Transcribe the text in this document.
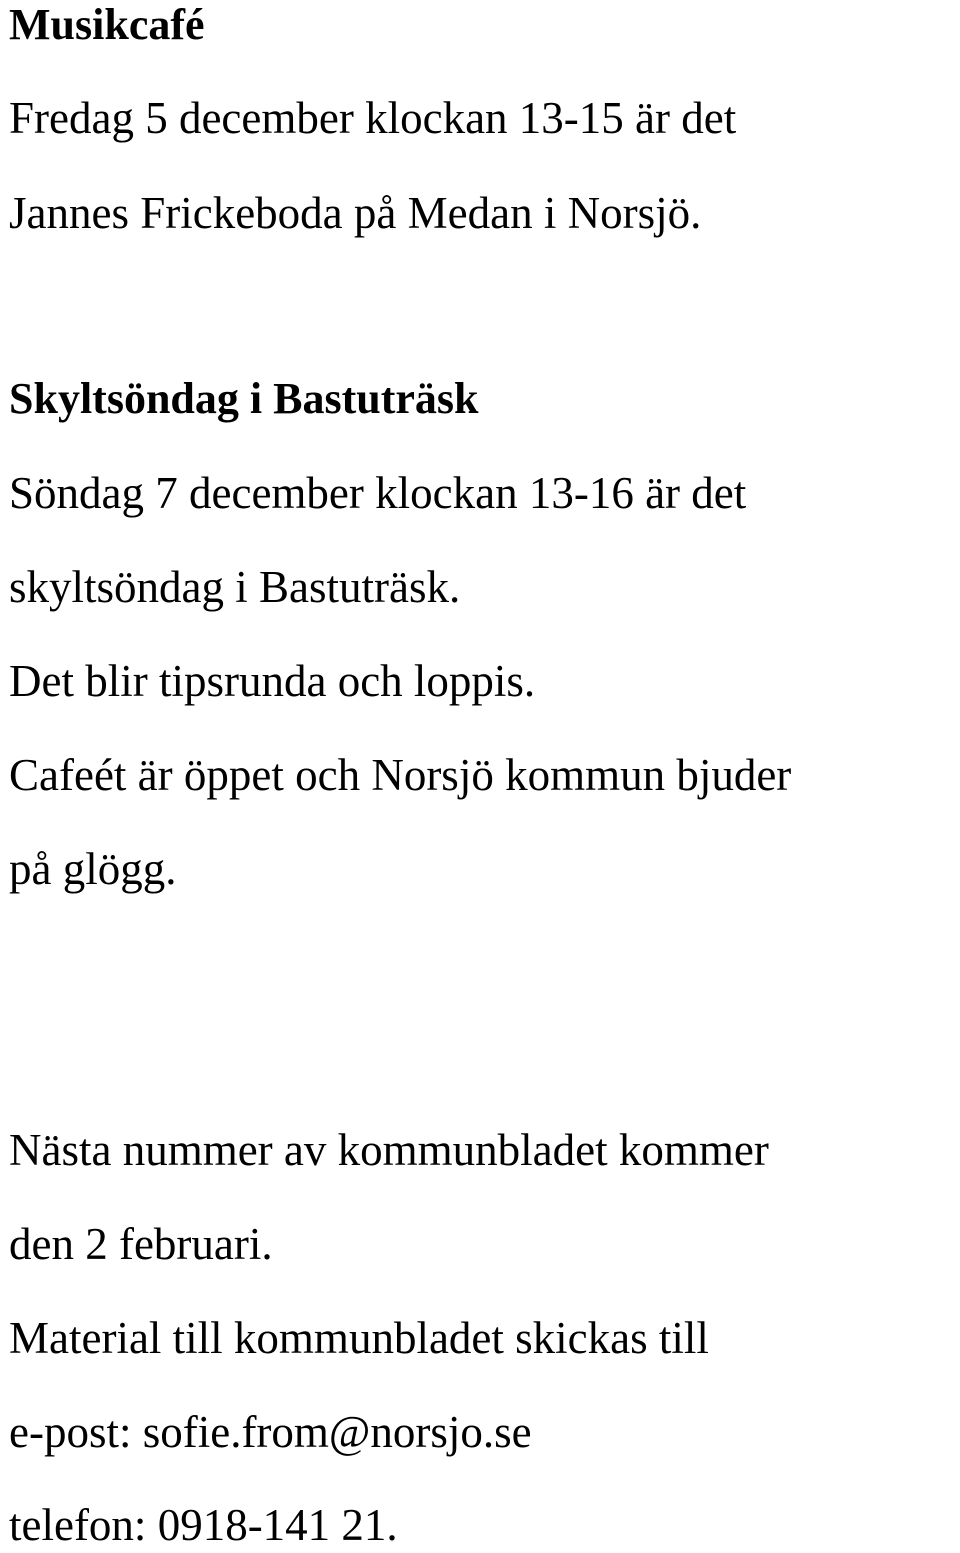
Musikcafé

Fredag 5 december klockan 13-15 är det

Jannes Frickeboda på Medan i Norsjö.

Skyltsöndag i Bastuträsk

Söndag 7 december klockan 13-16 är det

skyltsöndag i Bastuträsk.

Det blir tipsrunda och loppis.

Cafeét är öppet och Norsjö kommun bjuder

på glögg.

Nästa nummer av kommunbladet kommer

den 2 februari.

Material till kommunbladet skickas till

e-post: sofie.from@norsjo.se

telefon: 0918-141 21.
